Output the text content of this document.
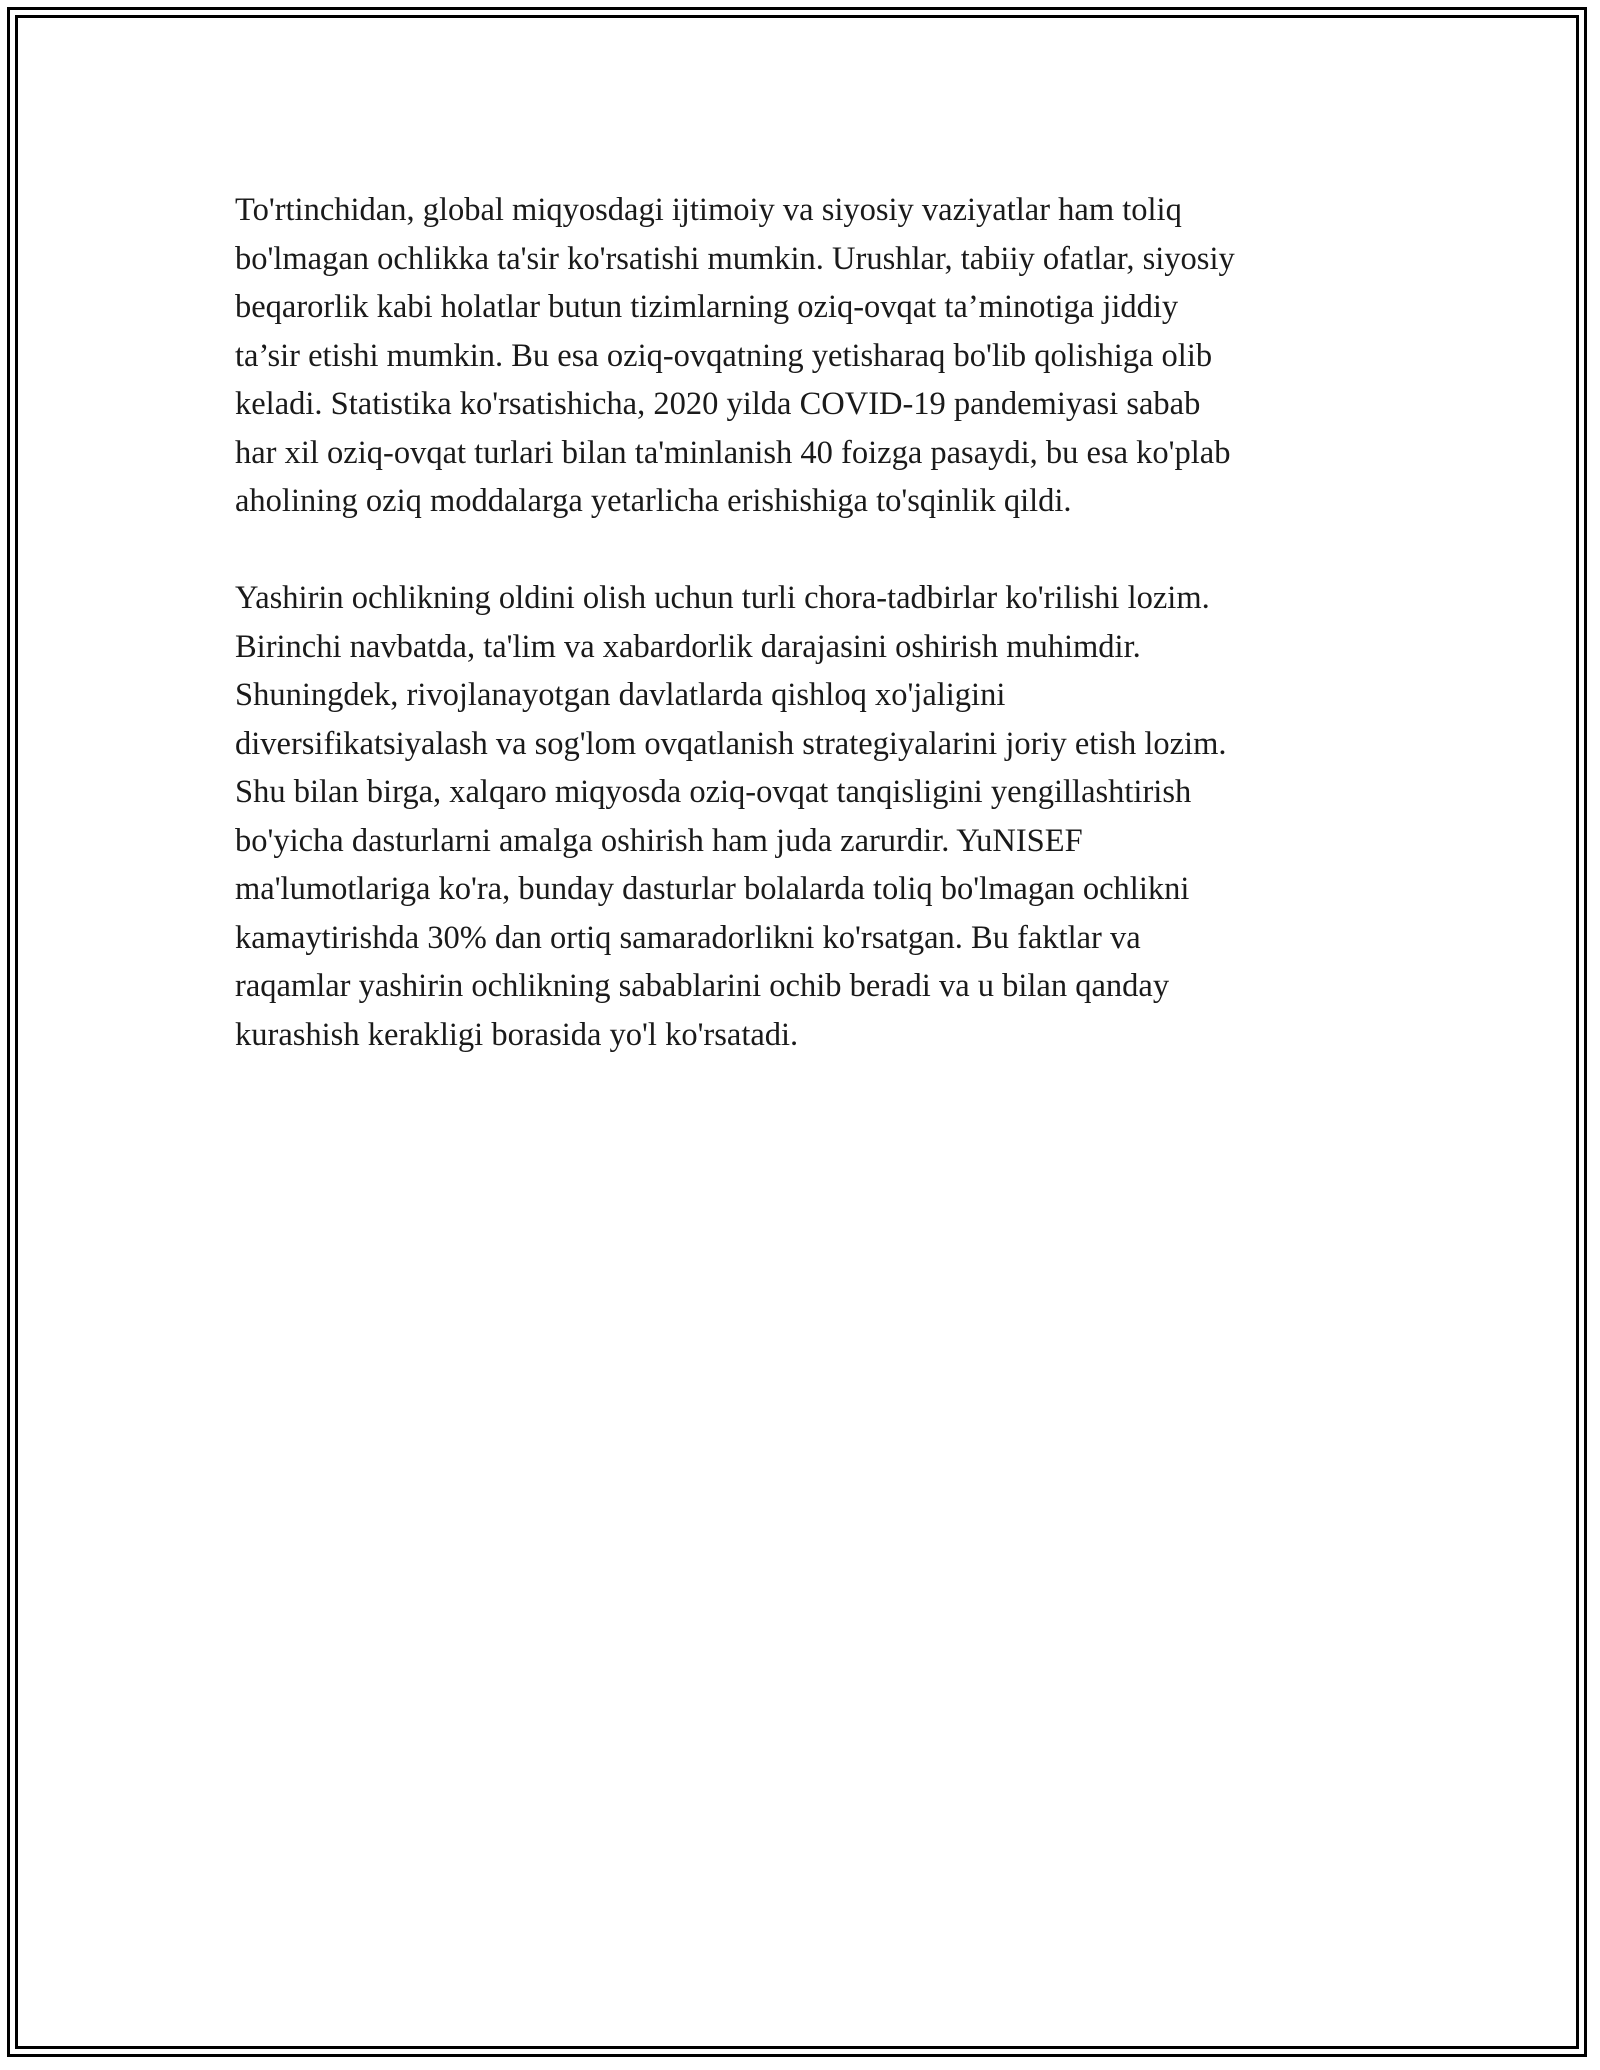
To'rtinchidan, global miqyosdagi ijtimoiy va siyosiy vaziyatlar ham toliq
bo'lmagan ochlikka ta'sir ko'rsatishi mumkin. Urushlar, tabiiy ofatlar, siyosiy
beqarorlik kabi holatlar butun tizimlarning oziq-ovqat ta’minotiga jiddiy
ta’sir etishi mumkin. Bu esa oziq-ovqatning yetisharaq bo'lib qolishiga olib
keladi. Statistika ko'rsatishicha, 2020 yilda COVID-19 pandemiyasi sabab
har xil oziq-ovqat turlari bilan ta'minlanish 40 foizga pasaydi, bu esa ko'plab
aholining oziq moddalarga yetarlicha erishishiga to'sqinlik qildi.

Yashirin ochlikning oldini olish uchun turli chora-tadbirlar ko'rilishi lozim.
Birinchi navbatda, ta'lim va xabardorlik darajasini oshirish muhimdir.
Shuningdek, rivojlanayotgan davlatlarda qishloq xo'jaligini
diversifikatsiyalash va sog'lom ovqatlanish strategiyalarini joriy etish lozim.
Shu bilan birga, xalqaro miqyosda oziq-ovqat tanqisligini yengillashtirish
bo'yicha dasturlarni amalga oshirish ham juda zarurdir. YuNISEF
ma'lumotlariga ko'ra, bunday dasturlar bolalarda toliq bo'lmagan ochlikni
kamaytirishda 30% dan ortiq samaradorlikni ko'rsatgan. Bu faktlar va
raqamlar yashirin ochlikning sabablarini ochib beradi va u bilan qanday
kurashish kerakligi borasida yo'l ko'rsatadi.
